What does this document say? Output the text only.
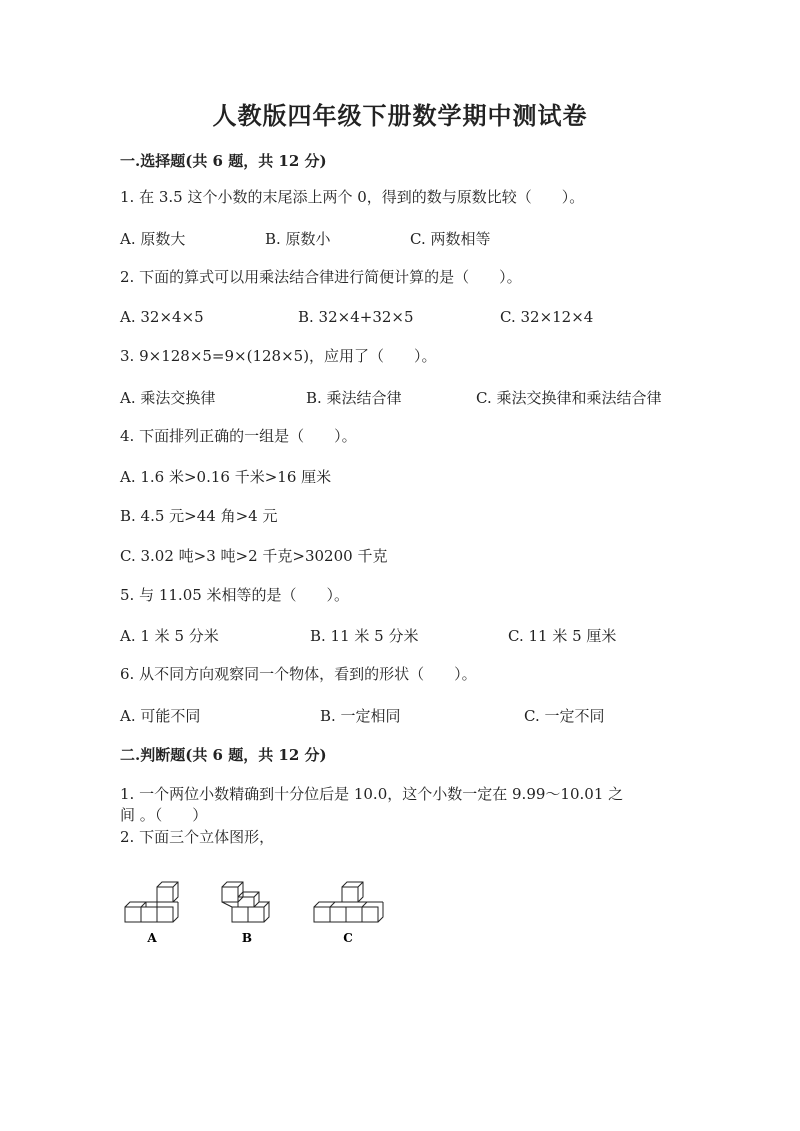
人教版四年级下册数学期中测试卷
一.选择题(共 6 题，共 12 分)
1. 在 3.5 这个小数的末尾添上两个 0，得到的数与原数比较（　　）。
A. 原数大	B. 原数小	C. 两数相等
2. 下面的算式可以用乘法结合律进行简便计算的是（　　）。
A. 32×4×5	B. 32×4+32×5	C. 32×12×4
3. 9×128×5=9×(128×5)，应用了（　　）。
A. 乘法交换律	B. 乘法结合律	C. 乘法交换律和乘法结合律
4. 下面排列正确的一组是（　　）。
A. 1.6 米>0.16 千米>16 厘米
B. 4.5 元>44 角>4 元
C. 3.02 吨>3 吨>2 千克>30200 千克
5. 与 11.05 米相等的是（　　）。
A. 1 米 5 分米	B. 11 米 5 分米	C. 11 米 5 厘米
6. 从不同方向观察同一个物体，看到的形状（　　）。
A. 可能不同	B. 一定相同	C. 一定不同
二.判断题(共 6 题，共 12 分)
1. 一个两位小数精确到十分位后是 10.0，这个小数一定在 9.99～10.01 之
间 。（　　）
2. 下面三个立体图形，
A	B	C
